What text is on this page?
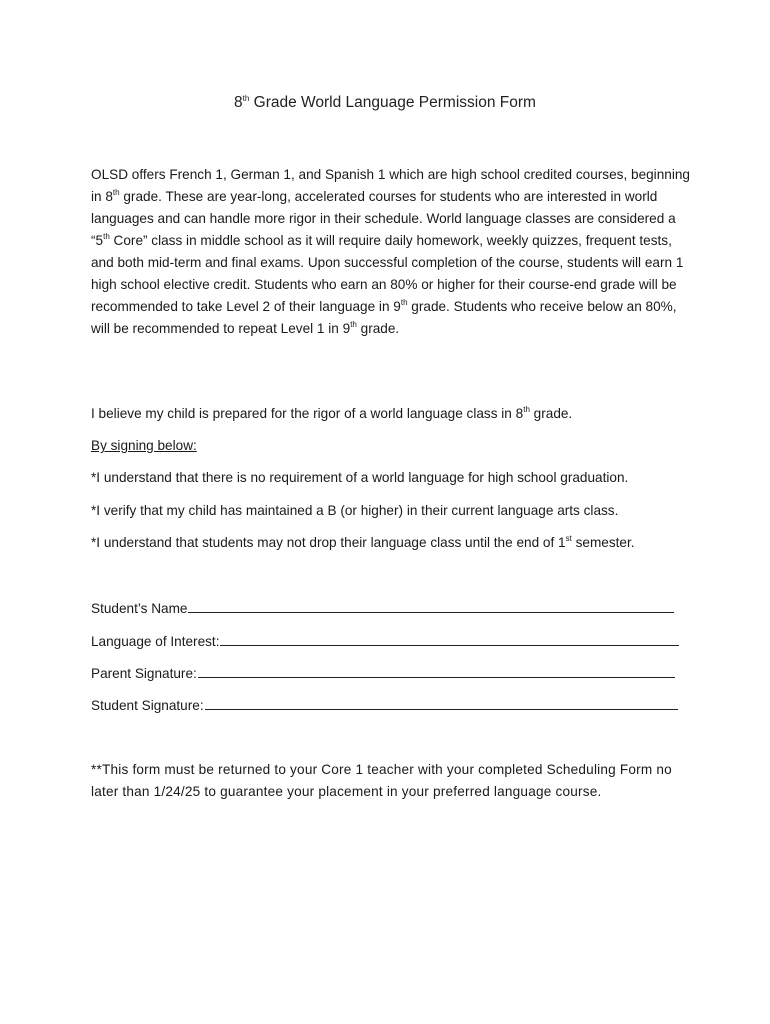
8th Grade World Language Permission Form

OLSD offers French 1, German 1, and Spanish 1 which are high school credited courses, beginning in 8th grade. These are year-long, accelerated courses for students who are interested in world languages and can handle more rigor in their schedule. World language classes are considered a “5th Core” class in middle school as it will require daily homework, weekly quizzes, frequent tests, and both mid-term and final exams. Upon successful completion of the course, students will earn 1 high school elective credit. Students who earn an 80% or higher for their course-end grade will be recommended to take Level 2 of their language in 9th grade. Students who receive below an 80%, will be recommended to repeat Level 1 in 9th grade.

I believe my child is prepared for the rigor of a world language class in 8th grade.

By signing below:

*I understand that there is no requirement of a world language for high school graduation.

*I verify that my child has maintained a B (or higher) in their current language arts class.

*I understand that students may not drop their language class until the end of 1st semester.

Student’s Name
Language of Interest:
Parent Signature:
Student Signature:

**This form must be returned to your Core 1 teacher with your completed Scheduling Form no later than 1/24/25 to guarantee your placement in your preferred language course.
